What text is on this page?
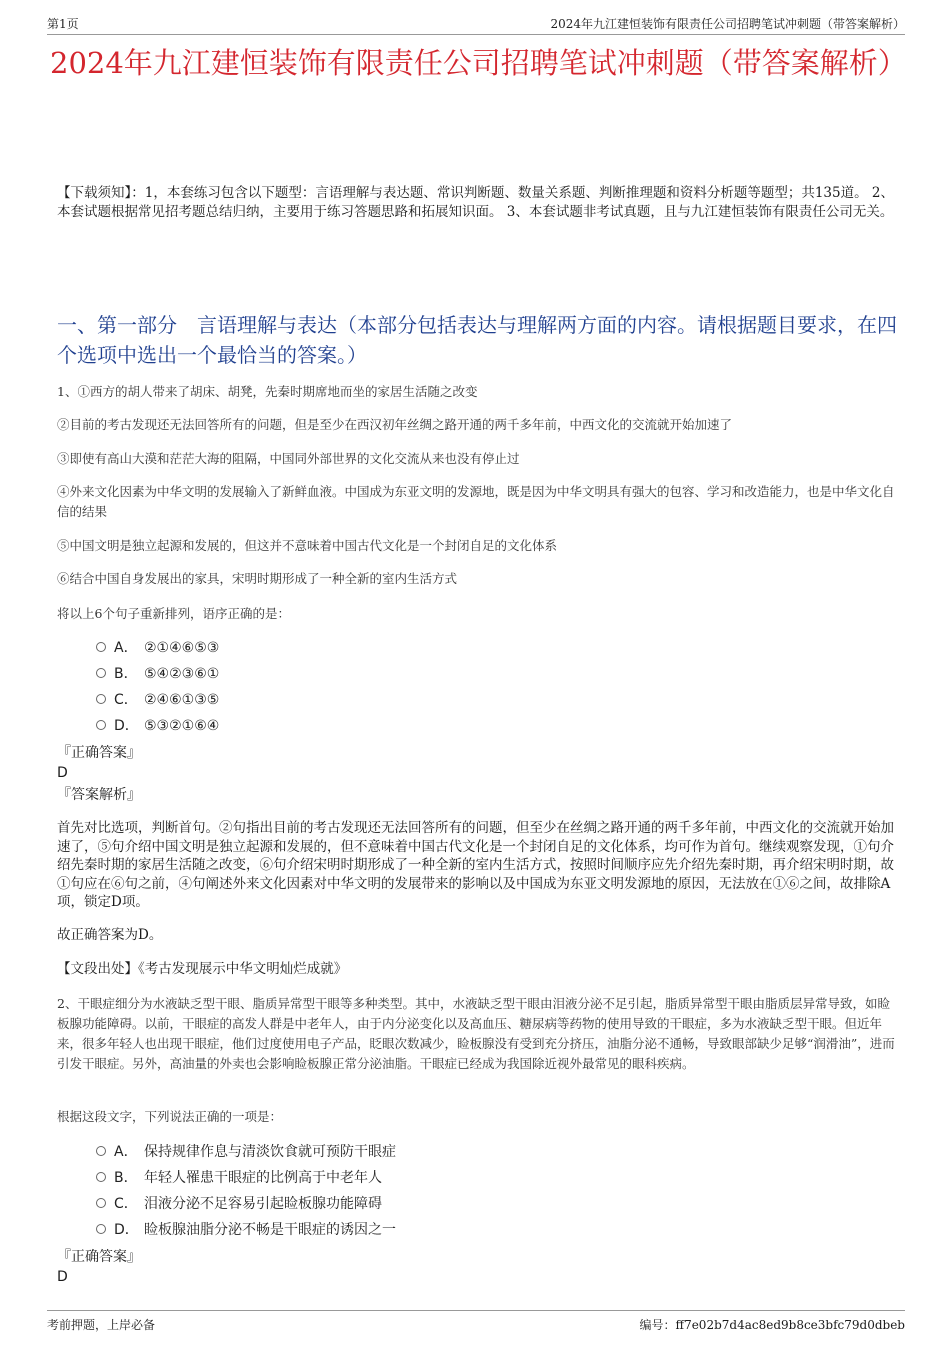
第1页	2024年九江建恒装饰有限责任公司招聘笔试冲刺题（带答案解析）
2024年九江建恒装饰有限责任公司招聘笔试冲刺题（带答案解析）
【下载须知】：1，本套练习包含以下题型：言语理解与表达题、常识判断题、数量关系题、判断推理题和资料分析题等题型；共135道。 2、本套试题根据常见招考题总结归纳，主要用于练习答题思路和拓展知识面。 3、本套试题非考试真题，且与九江建恒装饰有限责任公司无关。
一、第一部分　言语理解与表达（本部分包括表达与理解两方面的内容。请根据题目要求，在四个选项中选出一个最恰当的答案。）
1、①西方的胡人带来了胡床、胡凳，先秦时期席地而坐的家居生活随之改变
②目前的考古发现还无法回答所有的问题，但是至少在西汉初年丝绸之路开通的两千多年前，中西文化的交流就开始加速了
③即使有高山大漠和茫茫大海的阻隔，中国同外部世界的文化交流从来也没有停止过
④外来文化因素为中华文明的发展输入了新鲜血液。中国成为东亚文明的发源地，既是因为中华文明具有强大的包容、学习和改造能力，也是中华文化自信的结果
⑤中国文明是独立起源和发展的，但这并不意味着中国古代文化是一个封闭自足的文化体系
⑥结合中国自身发展出的家具，宋明时期形成了一种全新的室内生活方式
将以上6个句子重新排列，语序正确的是：
A． ②①④⑥⑤③
B． ⑤④②③⑥①
C． ②④⑥①③⑤
D． ⑤③②①⑥④
『正确答案』
D
『答案解析』
首先对比选项，判断首句。②句指出目前的考古发现还无法回答所有的问题，但至少在丝绸之路开通的两千多年前，中西文化的交流就开始加速了，⑤句介绍中国文明是独立起源和发展的，但不意味着中国古代文化是一个封闭自足的文化体系，均可作为首句。继续观察发现，①句介绍先秦时期的家居生活随之改变，⑥句介绍宋明时期形成了一种全新的室内生活方式，按照时间顺序应先介绍先秦时期，再介绍宋明时期，故①句应在⑥句之前，④句阐述外来文化因素对中华文明的发展带来的影响以及中国成为东亚文明发源地的原因，无法放在①⑥之间，故排除A项，锁定D项。
故正确答案为D。
【文段出处】《考古发现展示中华文明灿烂成就》
2、干眼症细分为水液缺乏型干眼、脂质异常型干眼等多种类型。其中，水液缺乏型干眼由泪液分泌不足引起，脂质异常型干眼由脂质层异常导致，如睑板腺功能障碍。以前，干眼症的高发人群是中老年人，由于内分泌变化以及高血压、糖尿病等药物的使用导致的干眼症，多为水液缺乏型干眼。但近年来，很多年轻人也出现干眼症，他们过度使用电子产品，眨眼次数减少，睑板腺没有受到充分挤压，油脂分泌不通畅，导致眼部缺少足够“润滑油”，进而引发干眼症。另外，高油量的外卖也会影响睑板腺正常分泌油脂。干眼症已经成为我国除近视外最常见的眼科疾病。
根据这段文字，下列说法正确的一项是：
A． 保持规律作息与清淡饮食就可预防干眼症
B． 年轻人罹患干眼症的比例高于中老年人
C． 泪液分泌不足容易引起睑板腺功能障碍
D． 睑板腺油脂分泌不畅是干眼症的诱因之一
『正确答案』
D
考前押题，上岸必备	编号：ff7e02b7d4ac8ed9b8ce3bfc79d0dbeb
